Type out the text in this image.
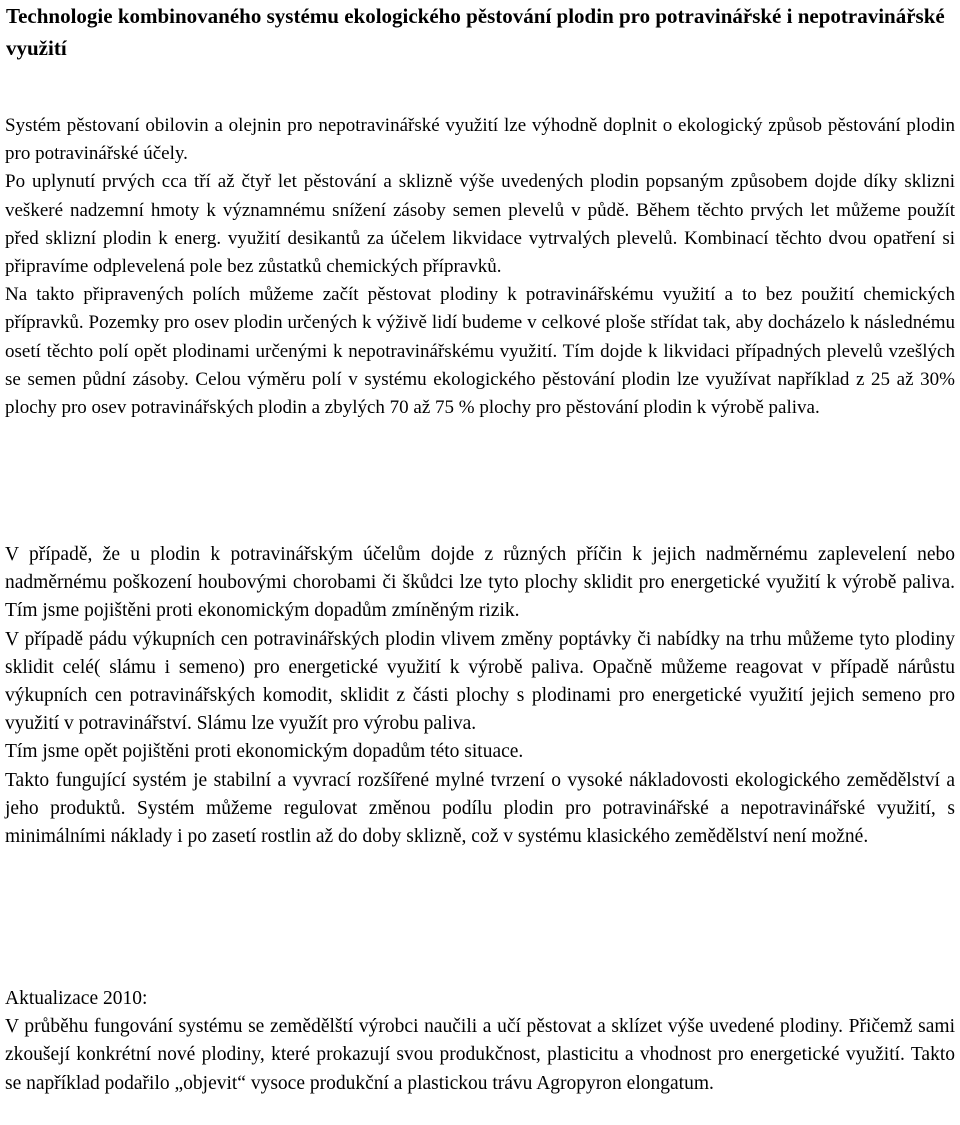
Technologie kombinovaného systému ekologického pěstování plodin pro potravinářské i nepotravinářské využití

Systém pěstovaní obilovin a olejnin pro nepotravinářské využití lze výhodně doplnit o ekologický způsob pěstování plodin pro potravinářské účely.
Po uplynutí prvých cca tří až čtyř let pěstování a sklizně výše uvedených plodin popsaným způsobem dojde díky sklizni veškeré nadzemní hmoty k významnému snížení zásoby semen plevelů v půdě. Během těchto prvých let můžeme použít před sklizní plodin k energ. využití desikantů za účelem likvidace vytrvalých plevelů. Kombinací těchto dvou opatření si připravíme odplevelená pole bez zůstatků chemických přípravků.
Na takto připravených polích můžeme začít pěstovat plodiny k potravinářskému využití a to bez použití chemických přípravků. Pozemky pro osev plodin určených k výživě lidí budeme v celkové ploše střídat tak, aby docházelo k následnému osetí těchto polí opět plodinami určenými k nepotravinářskému využití. Tím dojde k likvidaci případných plevelů vzešlých se semen půdní zásoby. Celou výměru polí v systému ekologického pěstování plodin lze využívat například z 25 až 30% plochy pro osev potravinářských plodin a zbylých 70 až 75 % plochy pro pěstování plodin k výrobě paliva.

V případě, že u plodin k potravinářským účelům dojde z různých příčin k jejich nadměrnému zaplevelení nebo nadměrnému poškození houbovými chorobami či škůdci lze tyto plochy sklidit pro energetické využití k výrobě paliva. Tím jsme pojištěni proti ekonomickým dopadům zmíněným rizik.
V případě pádu výkupních cen potravinářských plodin vlivem změny poptávky či nabídky na trhu můžeme tyto plodiny sklidit celé( slámu i semeno) pro energetické využití k výrobě paliva. Opačně můžeme reagovat v případě nárůstu výkupních cen potravinářských komodit, sklidit z části plochy s plodinami pro energetické využití jejich semeno pro využití v potravinářství. Slámu lze využít pro výrobu paliva.
Tím jsme opět pojištěni proti ekonomickým dopadům této situace.
Takto fungující systém je stabilní a vyvrací rozšířené mylné tvrzení o vysoké nákladovosti ekologického zemědělství a jeho produktů. Systém můžeme regulovat změnou podílu plodin pro potravinářské a nepotravinářské využití, s minimálními náklady i po zasetí rostlin až do doby sklizně, což v systému klasického zemědělství není možné.

Aktualizace 2010:
V průběhu fungování systému se zemědělští výrobci naučili a učí pěstovat a sklízet výše uvedené plodiny. Přičemž sami zkoušejí konkrétní nové plodiny, které prokazují svou produkčnost, plasticitu a vhodnost pro energetické využití. Takto se například podařilo „objevit“ vysoce produkční a plastickou trávu Agropyron elongatum.
